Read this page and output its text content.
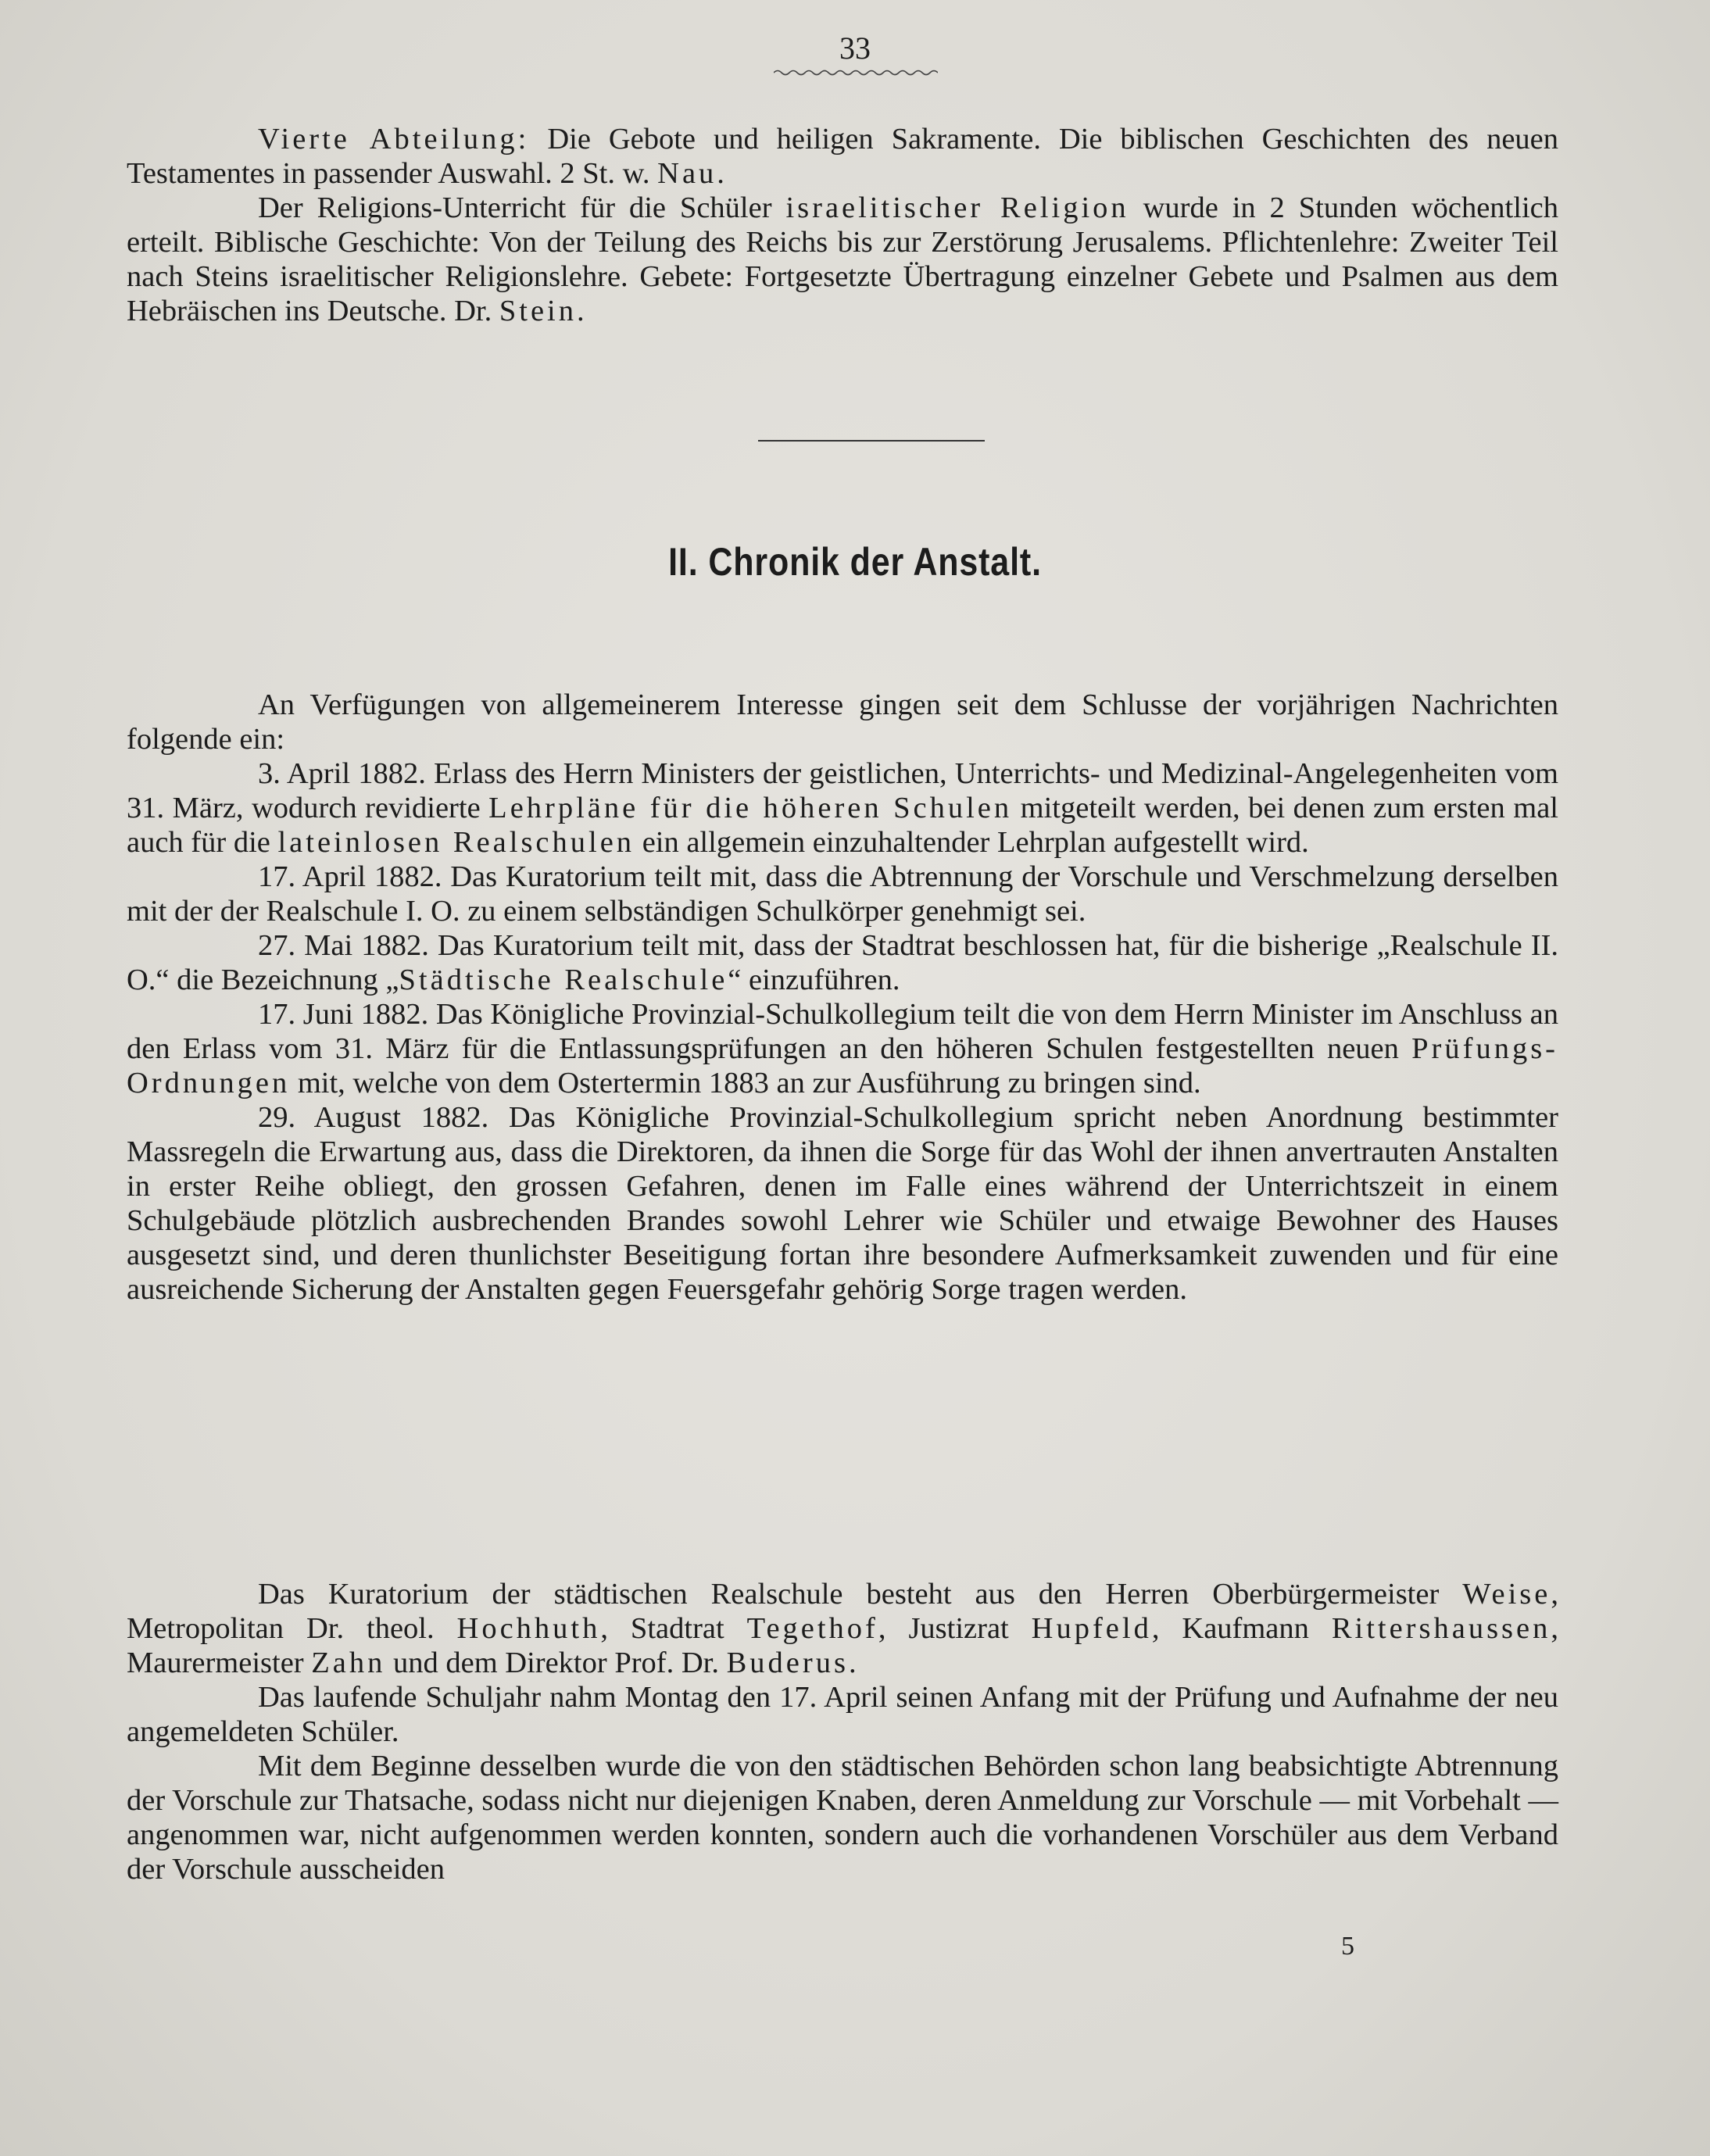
33

Vierte Abteilung: Die Gebote und heiligen Sakramente. Die biblischen Geschichten des neuen Testamentes in passender Auswahl. 2 St. w. Nau.

Der Religions-Unterricht für die Schüler israelitischer Religion wurde in 2 Stunden wöchentlich erteilt. Biblische Geschichte: Von der Teilung des Reichs bis zur Zerstörung Jerusalems. Pflichtenlehre: Zweiter Teil nach Steins israelitischer Religionslehre. Gebete: Fortgesetzte Übertragung einzelner Gebete und Psalmen aus dem Hebräischen ins Deutsche. Dr. Stein.

II. Chronik der Anstalt.

An Verfügungen von allgemeinerem Interesse gingen seit dem Schlusse der vorjährigen Nachrichten folgende ein:

3. April 1882. Erlass des Herrn Ministers der geistlichen, Unterrichts- und Medizinal-Angelegenheiten vom 31. März, wodurch revidierte Lehrpläne für die höheren Schulen mitgeteilt werden, bei denen zum ersten mal auch für die lateinlosen Realschulen ein allgemein einzuhaltender Lehrplan aufgestellt wird.

17. April 1882. Das Kuratorium teilt mit, dass die Abtrennung der Vorschule und Verschmelzung derselben mit der der Realschule I. O. zu einem selbständigen Schulkörper genehmigt sei.

27. Mai 1882. Das Kuratorium teilt mit, dass der Stadtrat beschlossen hat, für die bisherige „Realschule II. O.“ die Bezeichnung „Städtische Realschule“ einzuführen.

17. Juni 1882. Das Königliche Provinzial-Schulkollegium teilt die von dem Herrn Minister im Anschluss an den Erlass vom 31. März für die Entlassungsprüfungen an den höheren Schulen festgestellten neuen Prüfungs-Ordnungen mit, welche von dem Ostertermin 1883 an zur Ausführung zu bringen sind.

29. August 1882. Das Königliche Provinzial-Schulkollegium spricht neben Anordnung bestimmter Massregeln die Erwartung aus, dass die Direktoren, da ihnen die Sorge für das Wohl der ihnen anvertrauten Anstalten in erster Reihe obliegt, den grossen Gefahren, denen im Falle eines während der Unterrichtszeit in einem Schulgebäude plötzlich ausbrechenden Brandes sowohl Lehrer wie Schüler und etwaige Bewohner des Hauses ausgesetzt sind, und deren thunlichster Beseitigung fortan ihre besondere Aufmerksamkeit zuwenden und für eine ausreichende Sicherung der Anstalten gegen Feuersgefahr gehörig Sorge tragen werden.

Das Kuratorium der städtischen Realschule besteht aus den Herren Oberbürgermeister Weise, Metropolitan Dr. theol. Hochhuth, Stadtrat Tegethof, Justizrat Hupfeld, Kaufmann Rittershaussen, Maurermeister Zahn und dem Direktor Prof. Dr. Buderus.

Das laufende Schuljahr nahm Montag den 17. April seinen Anfang mit der Prüfung und Aufnahme der neu angemeldeten Schüler.

Mit dem Beginne desselben wurde die von den städtischen Behörden schon lang beabsichtigte Abtrennung der Vorschule zur Thatsache, sodass nicht nur diejenigen Knaben, deren Anmeldung zur Vorschule — mit Vorbehalt — angenommen war, nicht aufgenommen werden konnten, sondern auch die vorhandenen Vorschüler aus dem Verband der Vorschule ausscheiden

5
